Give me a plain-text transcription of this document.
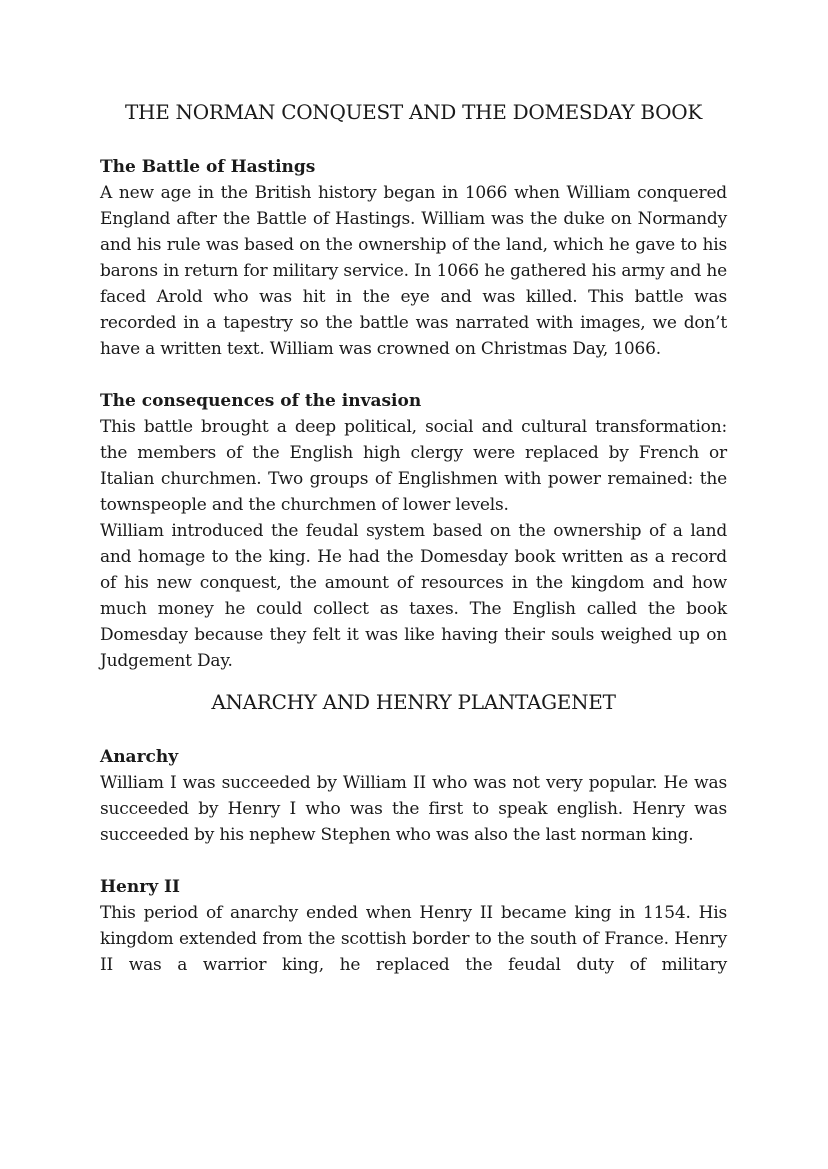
THE NORMAN CONQUEST AND THE DOMESDAY BOOK
The Battle of Hastings

A new age in the British history began in 1066 when William conquered England after the Battle of Hastings. William was the duke on Normandy and his rule was based on the ownership of the land, which he gave to his barons in return for military service. In 1066 he gathered his army and he faced Arold who was hit in the eye and was killed. This battle was recorded in a tapestry so the battle was narrated with images, we don’t have a written text. William was crowned on Christmas Day, 1066.

The consequences of the invasion

This battle brought a deep political, social and cultural transformation: the members of the English high clergy were replaced by French or Italian churchmen. Two groups of Englishmen with power remained: the townspeople and the churchmen of lower levels.

William introduced the feudal system based on the ownership of a land and homage to the king. He had the Domesday book written as a record of his new conquest, the amount of resources in the kingdom and how much money he could collect as taxes. The English called the book Domesday because they felt it was like having their souls weighed up on Judgement Day.

ANARCHY AND HENRY PLANTAGENET
Anarchy

William I was succeeded by William II who was not very popular. He was succeeded by Henry I who was the first to speak english. Henry was succeeded by his nephew Stephen who was also the last norman king.

Henry II

This period of anarchy ended when Henry II became king in 1154. His kingdom extended from the scottish border to the south of France. Henry II was a warrior king, he replaced the feudal duty of military
